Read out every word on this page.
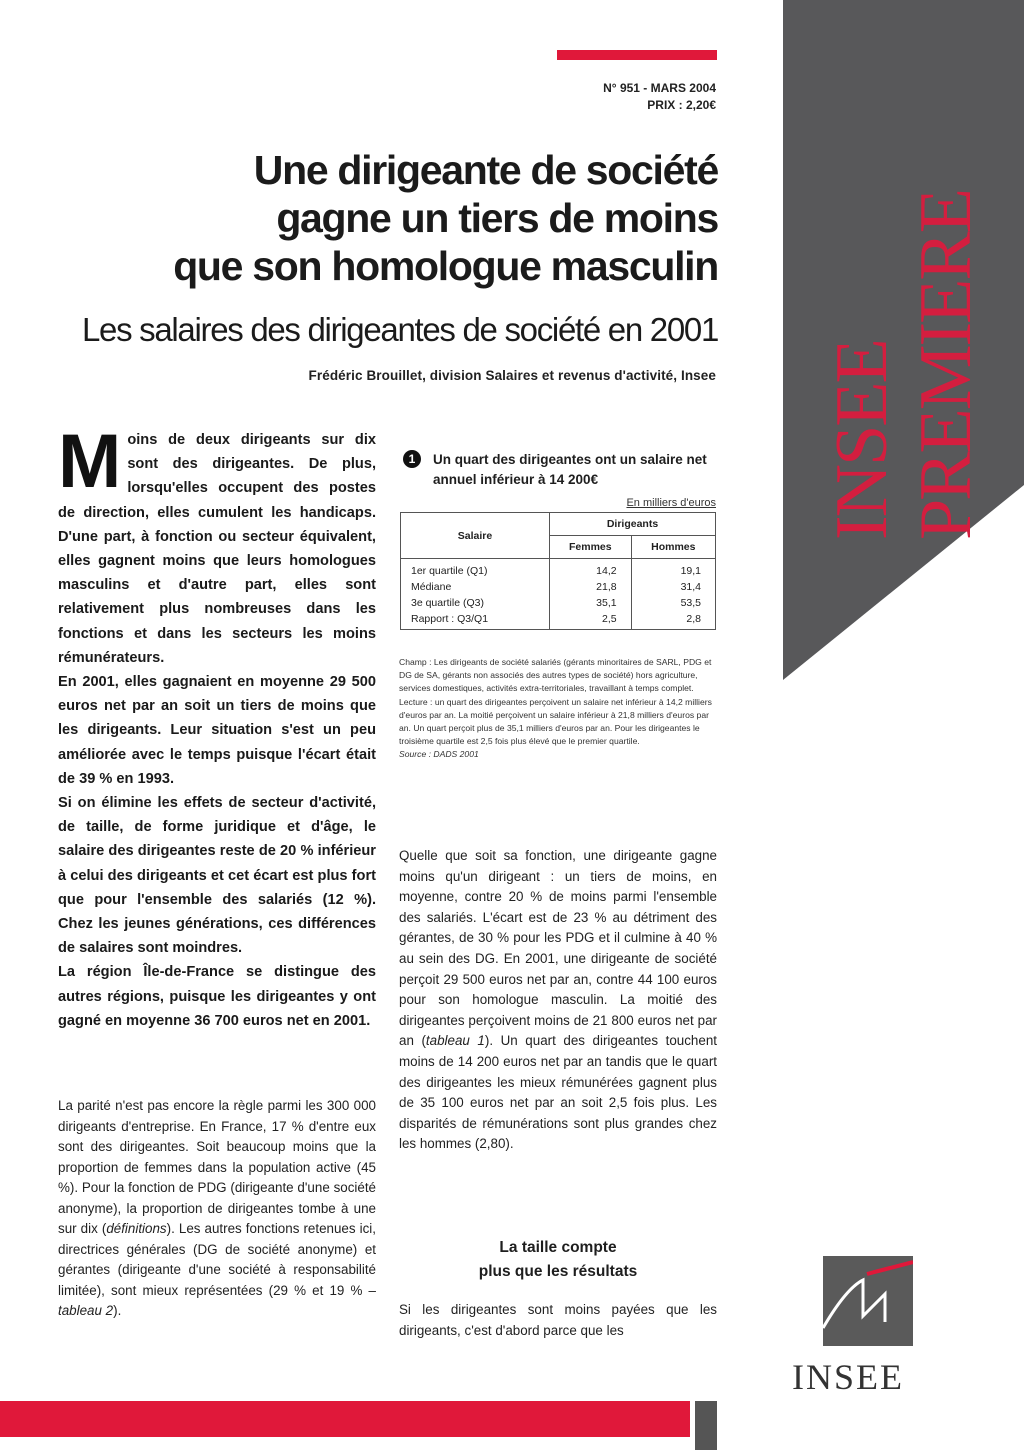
N° 951 - MARS 2004
PRIX : 2,20€
Une dirigeante de société
gagne un tiers de moins
que son homologue masculin
Les salaires des dirigeantes de société en 2001
Frédéric Brouillet, division Salaires et revenus d'activité, Insee INSEE PREMIERE
M oins de deux dirigeants sur dix sont des dirigeantes. De plus, lorsqu'elles occupent des postes de direction, elles cumulent les handicaps. D'une part, à fonction ou secteur équivalent, elles gagnent moins que leurs homologues masculins et d'autre part, elles sont relativement plus nombreuses dans les fonctions et dans les secteurs les moins rémunérateurs.

En 2001, elles gagnaient en moyenne 29 500 euros net par an soit un tiers de moins que les dirigeants. Leur situation s'est un peu améliorée avec le temps puisque l'écart était de 39 % en 1993.

Si on élimine les effets de secteur d'activité, de taille, de forme juridique et d'âge, le salaire des dirigeantes reste de 20 % inférieur à celui des dirigeants et cet écart est plus fort que pour l'ensemble des salariés (12 %). Chez les jeunes générations, ces différences de salaires sont moindres.

La région Île-de-France se distingue des autres régions, puisque les dirigeantes y ont gagné en moyenne 36 700 euros net en 2001.

La parité n'est pas encore la règle parmi les 300 000 dirigeants d'entreprise. En France, 17 % d'entre eux sont des dirigeantes. Soit beaucoup moins que la proportion de femmes dans la population active (45 %). Pour la fonction de PDG (dirigeante d'une société anonyme), la proportion de dirigeantes tombe à une sur dix (définitions). Les autres fonctions retenues ici, directrices générales (DG de société anonyme) et gérantes (dirigeante d'une société à responsabilité limitée), sont mieux représentées (29 % et 19 % – tableau 2).
1	Un quart des dirigeantes ont un salaire net annuel inférieur à 14 200€
En milliers d'euros
Salaire	Dirigeants	
	Femmes	Hommes
1er quartile (Q1)	14,2	19,1
Médiane	21,8	31,4
3e quartile (Q3)	35,1	53,5
Rapport : Q3/Q1	2,5	2,8

Champ : Les dirigeants de société salariés (gérants minoritaires de SARL, PDG et DG de SA, gérants non associés des autres types de société) hors agriculture, services domestiques, activités extra-territoriales, travaillant à temps complet.

Lecture : un quart des dirigeantes perçoivent un salaire net inférieur à 14,2 milliers d'euros par an. La moitié perçoivent un salaire inférieur à 21,8 milliers d'euros par an. Un quart perçoit plus de 35,1 milliers d'euros par an. Pour les dirigeantes le troisième quartile est 2,5 fois plus élevé que le premier quartile.

Source : DADS 2001

Quelle que soit sa fonction, une dirigeante gagne moins qu'un dirigeant : un tiers de moins, en moyenne, contre 20 % de moins parmi l'ensemble des salariés. L'écart est de 23 % au détriment des gérantes, de 30 % pour les PDG et il culmine à 40 % au sein des DG. En 2001, une dirigeante de société perçoit 29 500 euros net par an, contre 44 100 euros pour son homologue masculin. La moitié des dirigeantes perçoivent moins de 21 800 euros net par an (tableau 1). Un quart des dirigeantes touchent moins de 14 200 euros net par an tandis que le quart des dirigeantes les mieux rémunérées gagnent plus de 35 100 euros net par an soit 2,5 fois plus. Les disparités de rémunérations sont plus grandes chez les hommes (2,80).
La taille compte
plus que les résultats
Si les dirigeantes sont moins payées que les dirigeants, c'est d'abord parce que les
INSEE
